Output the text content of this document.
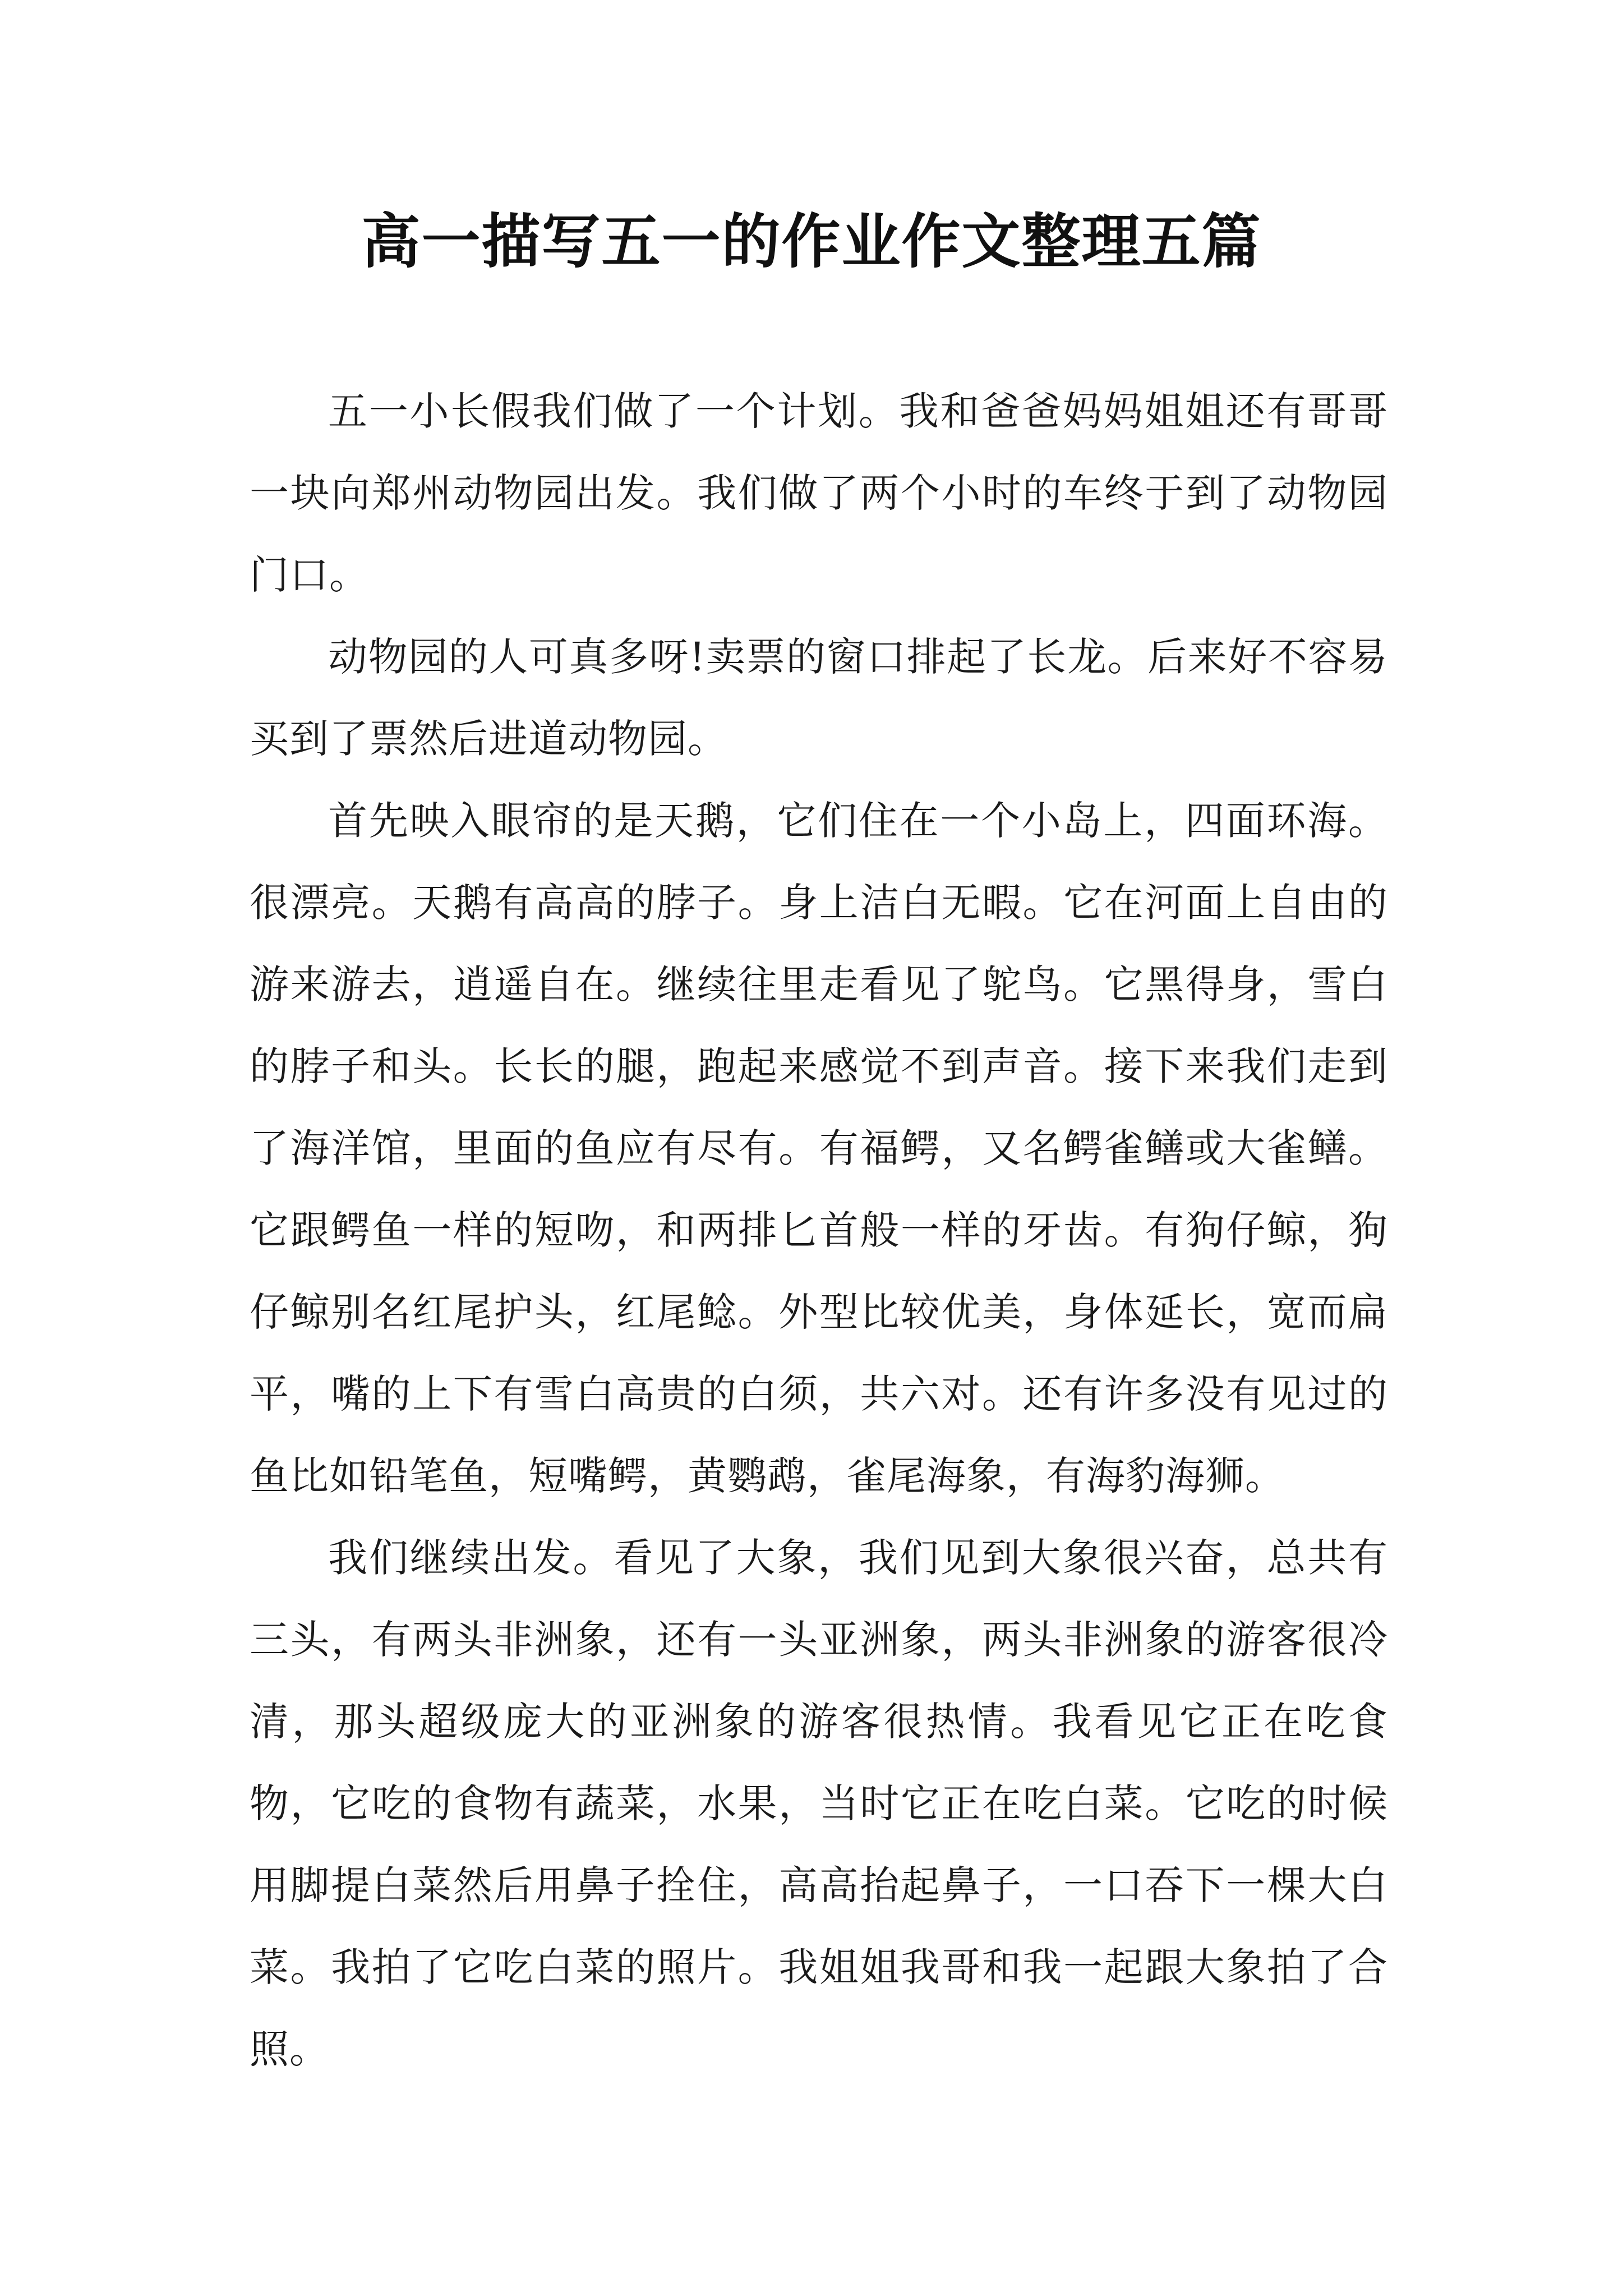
高一描写五一的作业作文整理五篇

五一小长假我们做了一个计划。我和爸爸妈妈姐姐还有哥哥一块向郑州动物园出发。我们做了两个小时的车终于到了动物园门口。

动物园的人可真多呀!卖票的窗口排起了长龙。后来好不容易买到了票然后进道动物园。

首先映入眼帘的是天鹅，它们住在一个小岛上，四面环海。很漂亮。天鹅有高高的脖子。身上洁白无暇。它在河面上自由的游来游去，逍遥自在。继续往里走看见了鸵鸟。它黑得身，雪白的脖子和头。长长的腿，跑起来感觉不到声音。接下来我们走到了海洋馆，里面的鱼应有尽有。有福鳄，又名鳄雀鳝或大雀鳝。它跟鳄鱼一样的短吻，和两排匕首般一样的牙齿。有狗仔鲸，狗仔鲸别名红尾护头，红尾鲶。外型比较优美，身体延长，宽而扁平，嘴的上下有雪白高贵的白须，共六对。还有许多没有见过的鱼比如铅笔鱼，短嘴鳄，黄鹦鹉，雀尾海象，有海豹海狮。

我们继续出发。看见了大象，我们见到大象很兴奋，总共有三头，有两头非洲象，还有一头亚洲象，两头非洲象的游客很冷清，那头超级庞大的亚洲象的游客很热情。我看见它正在吃食物，它吃的食物有蔬菜，水果，当时它正在吃白菜。它吃的时候用脚提白菜然后用鼻子拴住，高高抬起鼻子，一口吞下一棵大白菜。我拍了它吃白菜的照片。我姐姐我哥和我一起跟大象拍了合照。
